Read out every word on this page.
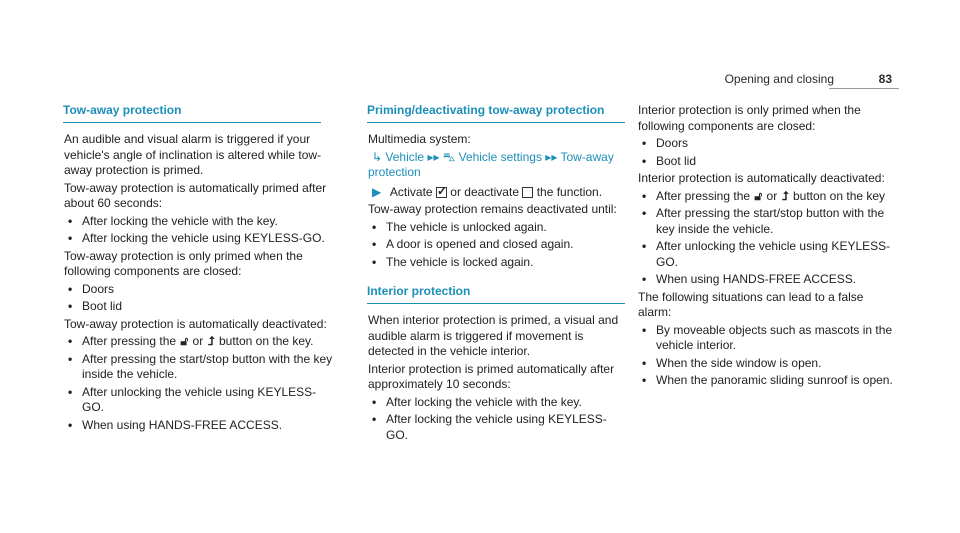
Opening and closing	83
Tow-away protection

An audible and visual alarm is triggered if your vehicle's angle of inclination is altered while tow-away protection is primed.

Tow-away protection is automatically primed after about 60 seconds:

• After locking the vehicle with the key.
• After locking the vehicle using KEYLESS-GO.

Tow-away protection is only primed when the following components are closed:

• Doors
• Boot lid

Tow-away protection is automatically deactivated:

• After pressing the 🔓︎ or ⮥ button on the key.
• After pressing the start/stop button with the key inside the vehicle.
• After unlocking the vehicle using KEYLESS-GO.
• When using HANDS-FREE ACCESS.
Priming/deactivating tow-away protection

Multimedia system:

↳ Vehicle ▸▸ ⛍ Vehicle settings ▸▸ Tow-away protection

▶ Activate ✓ or deactivate the function.

Tow-away protection remains deactivated until:

• The vehicle is unlocked again.
• A door is opened and closed again.
• The vehicle is locked again.
Interior protection

When interior protection is primed, a visual and audible alarm is triggered if movement is detected in the vehicle interior.

Interior protection is primed automatically after approximately 10 seconds:

• After locking the vehicle with the key.
• After locking the vehicle using KEYLESS-GO.

Interior protection is only primed when the following components are closed:

• Doors
• Boot lid

Interior protection is automatically deactivated:

• After pressing the 🔓︎ or ⮥ button on the key
• After pressing the start/stop button with the key inside the vehicle.
• After unlocking the vehicle using KEYLESS-GO.
• When using HANDS-FREE ACCESS.

The following situations can lead to a false alarm:

• By moveable objects such as mascots in the vehicle interior.
• When the side window is open.
• When the panoramic sliding sunroof is open.
